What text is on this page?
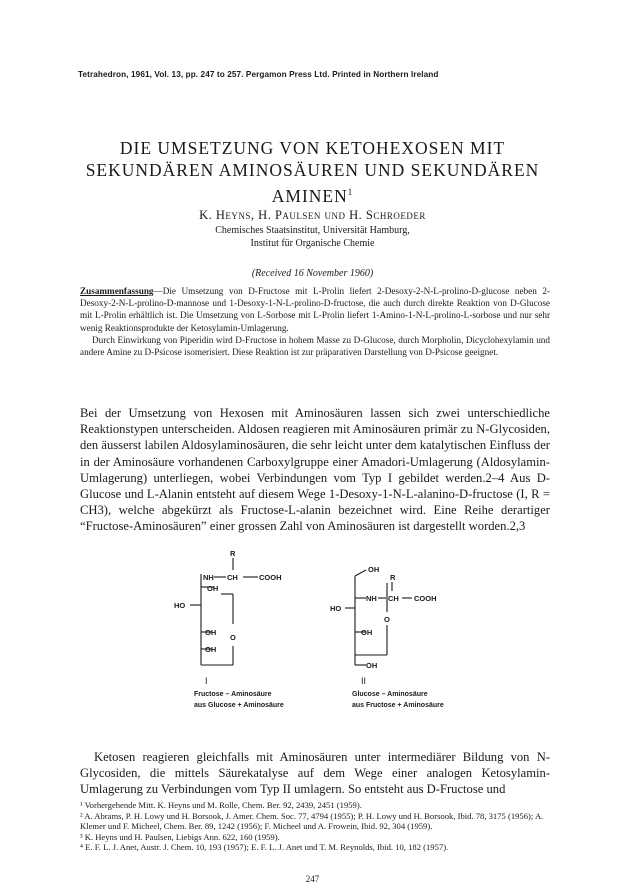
Tetrahedron, 1961, Vol. 13, pp. 247 to 257. Pergamon Press Ltd. Printed in Northern Ireland
DIE UMSETZUNG VON KETOHEXOSEN MIT
SEKUNDÄREN AMINOSÄUREN UND SEKUNDÄREN
AMINEN$^1$
K. Heyns, H. Paulsen und H. Schroeder
Chemisches Staatsinstitut, Universität Hamburg,
Institut für Organische Chemie
(Received 16 November 1960)

Zusammenfassung—Die Umsetzung von D-Fructose mit L-Prolin liefert 2-Desoxy-2-N-L-prolino-D-glucose neben 2-Desoxy-2-N-L-prolino-D-mannose und 1-Desoxy-1-N-L-prolino-D-fructose, die auch durch direkte Reaktion von D-Glucose mit L-Prolin erhältlich ist. Die Umsetzung von L-Sorbose mit L-Prolin liefert 1-Amino-1-N-L-prolino-L-sorbose und nur sehr wenig Reaktionsprodukte der Ketosylamin-Umlagerung.

Durch Einwirkung von Piperidin wird D-Fructose in hohem Masse zu D-Glucose, durch Morpholin, Dicyclohexylamin und andere Amine zu D-Psicose isomerisiert. Diese Reaktion ist zur präparativen Darstellung von D-Psicose geeignet.

Bei der Umsetzung von Hexosen mit Aminosäuren lassen sich zwei unterschiedliche Reaktionstypen unterscheiden. Aldosen reagieren mit Aminosäuren primär zu N-Glycosiden, den äusserst labilen Aldosylaminosäuren, die sehr leicht unter dem katalytischen Einfluss der in der Aminosäure vorhandenen Carboxylgruppe einer Amadori-Umlagerung (Aldosylamin-Umlagerung) unterliegen, wobei Verbindungen vom Typ I gebildet werden.2–4 Aus D-Glucose und L-Alanin entsteht auf diesem Wege 1-Desoxy-1-N-L-alanino-D-fructose (I, R = CH3), welche abgekürzt als Fructose-L-alanin bezeichnet wird. Eine Reihe derartiger “Fructose-Aminosäuren” einer grossen Zahl von Aminosäuren ist dargestellt worden.2,3

R
NH CH	COOH
OH
HO
OH
O
OH
OH
R
NH CH COOH
HO
O
OH
OH
I	II
Fructose – Aminosäure
aus Glucose + Aminosäure
Glucose – Aminosäure
aus Fructose + Aminosäure

Ketosen reagieren gleichfalls mit Aminosäuren unter intermediärer Bildung von N-Glycosiden, die mittels Säurekatalyse auf dem Wege einer analogen Ketosylamin-Umlagerung zu Verbindungen vom Typ II umlagern. So entsteht aus D-Fructose und

¹ Vorhergehende Mitt. K. Heyns und M. Rolle, Chem. Ber. 92, 2439, 2451 (1959).

² A. Abrams, P. H. Lowy und H. Borsook, J. Amer. Chem. Soc. 77, 4794 (1955); P. H. Lowy und H. Borsook, Ibid. 78, 3175 (1956); A. Klemer und F. Micheel, Chem. Ber. 89, 1242 (1956); F. Micheel und A. Frowein, Ibid. 92, 304 (1959).

³ K. Heyns und H. Paulsen, Liebigs Ann. 622, 160 (1959).

⁴ E. F. L. J. Anet, Austr. J. Chem. 10, 193 (1957); E. F. L. J. Anet und T. M. Reynolds, Ibid. 10, 182 (1957).

247
